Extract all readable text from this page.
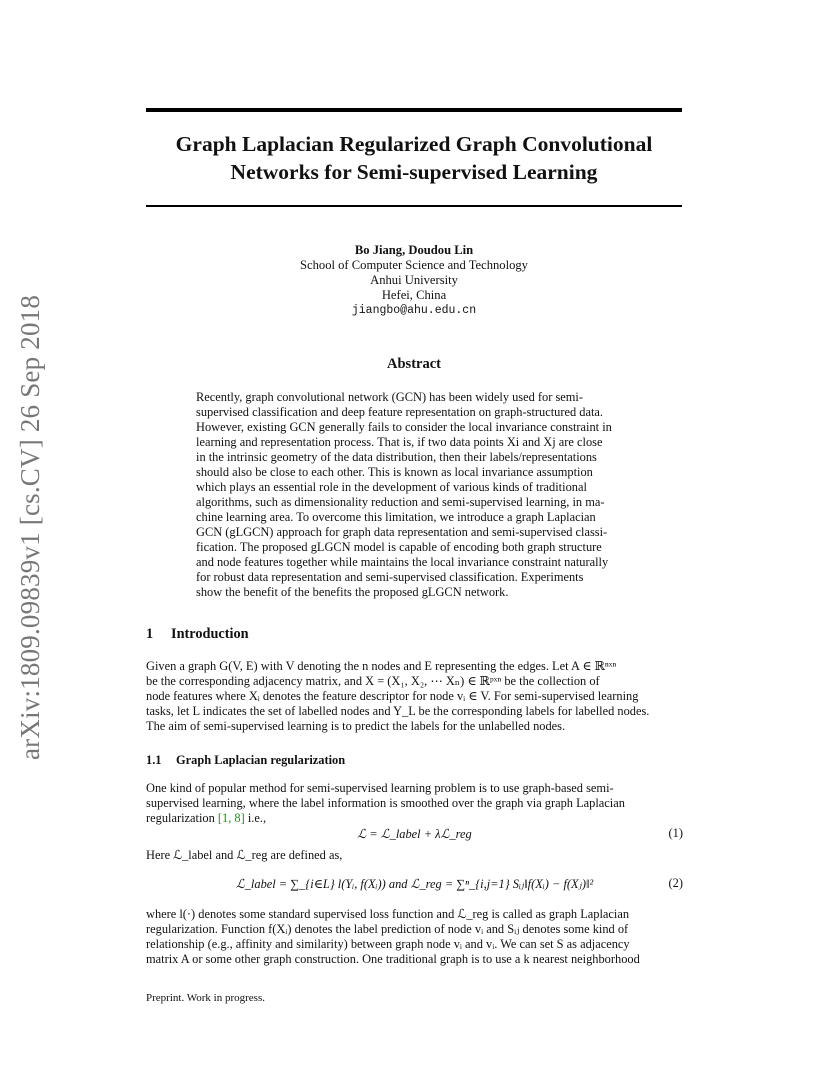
arXiv:1809.09839v1 [cs.CV] 26 Sep 2018
Graph Laplacian Regularized Graph Convolutional
Networks for Semi-supervised Learning
Bo Jiang, Doudou Lin
School of Computer Science and Technology
Anhui University
Hefei, China
jiangbo@ahu.edu.cn
Abstract
Recently, graph convolutional network (GCN) has been widely used for semi-
supervised classification and deep feature representation on graph-structured data.
However, existing GCN generally fails to consider the local invariance constraint in
learning and representation process. That is, if two data points Xi and Xj are close
in the intrinsic geometry of the data distribution, then their labels/representations
should also be close to each other. This is known as local invariance assumption
which plays an essential role in the development of various kinds of traditional
algorithms, such as dimensionality reduction and semi-supervised learning, in ma-
chine learning area. To overcome this limitation, we introduce a graph Laplacian
GCN (gLGCN) approach for graph data representation and semi-supervised classi-
fication. The proposed gLGCN model is capable of encoding both graph structure
and node features together while maintains the local invariance constraint naturally
for robust data representation and semi-supervised classification. Experiments
show the benefit of the benefits the proposed gLGCN network.
1 Introduction
Given a graph G(V, E) with V denoting the n nodes and E representing the edges. Let A ∈ ℝⁿˣⁿ
be the corresponding adjacency matrix, and X = (X₁, X₂, ⋯ Xₙ) ∈ ℝᵖˣⁿ be the collection of
node features where Xᵢ denotes the feature descriptor for node vᵢ ∈ V. For semi-supervised learning
tasks, let L indicates the set of labelled nodes and Y_L be the corresponding labels for labelled nodes.
The aim of semi-supervised learning is to predict the labels for the unlabelled nodes.
1.1 Graph Laplacian regularization
One kind of popular method for semi-supervised learning problem is to use graph-based semi-
supervised learning, where the label information is smoothed over the graph via graph Laplacian
regularization [1, 8] i.e.,
ℒ = ℒ_label + λℒ_reg	(1)
Here ℒ_label and ℒ_reg are defined as,
ℒ_label = ∑_{i∈L} l(Yᵢ, f(Xᵢ)) and ℒ_reg = ∑ⁿ_{i,j=1} Sᵢⱼ‖f(Xᵢ) − f(Xⱼ)‖²	(2)
where l(·) denotes some standard supervised loss function and ℒ_reg is called as graph Laplacian
regularization. Function f(Xᵢ) denotes the label prediction of node vᵢ and Sᵢⱼ denotes some kind of
relationship (e.g., affinity and similarity) between graph node vᵢ and vᵢ. We can set S as adjacency
matrix A or some other graph construction. One traditional graph is to use a k nearest neighborhood
Preprint. Work in progress.
